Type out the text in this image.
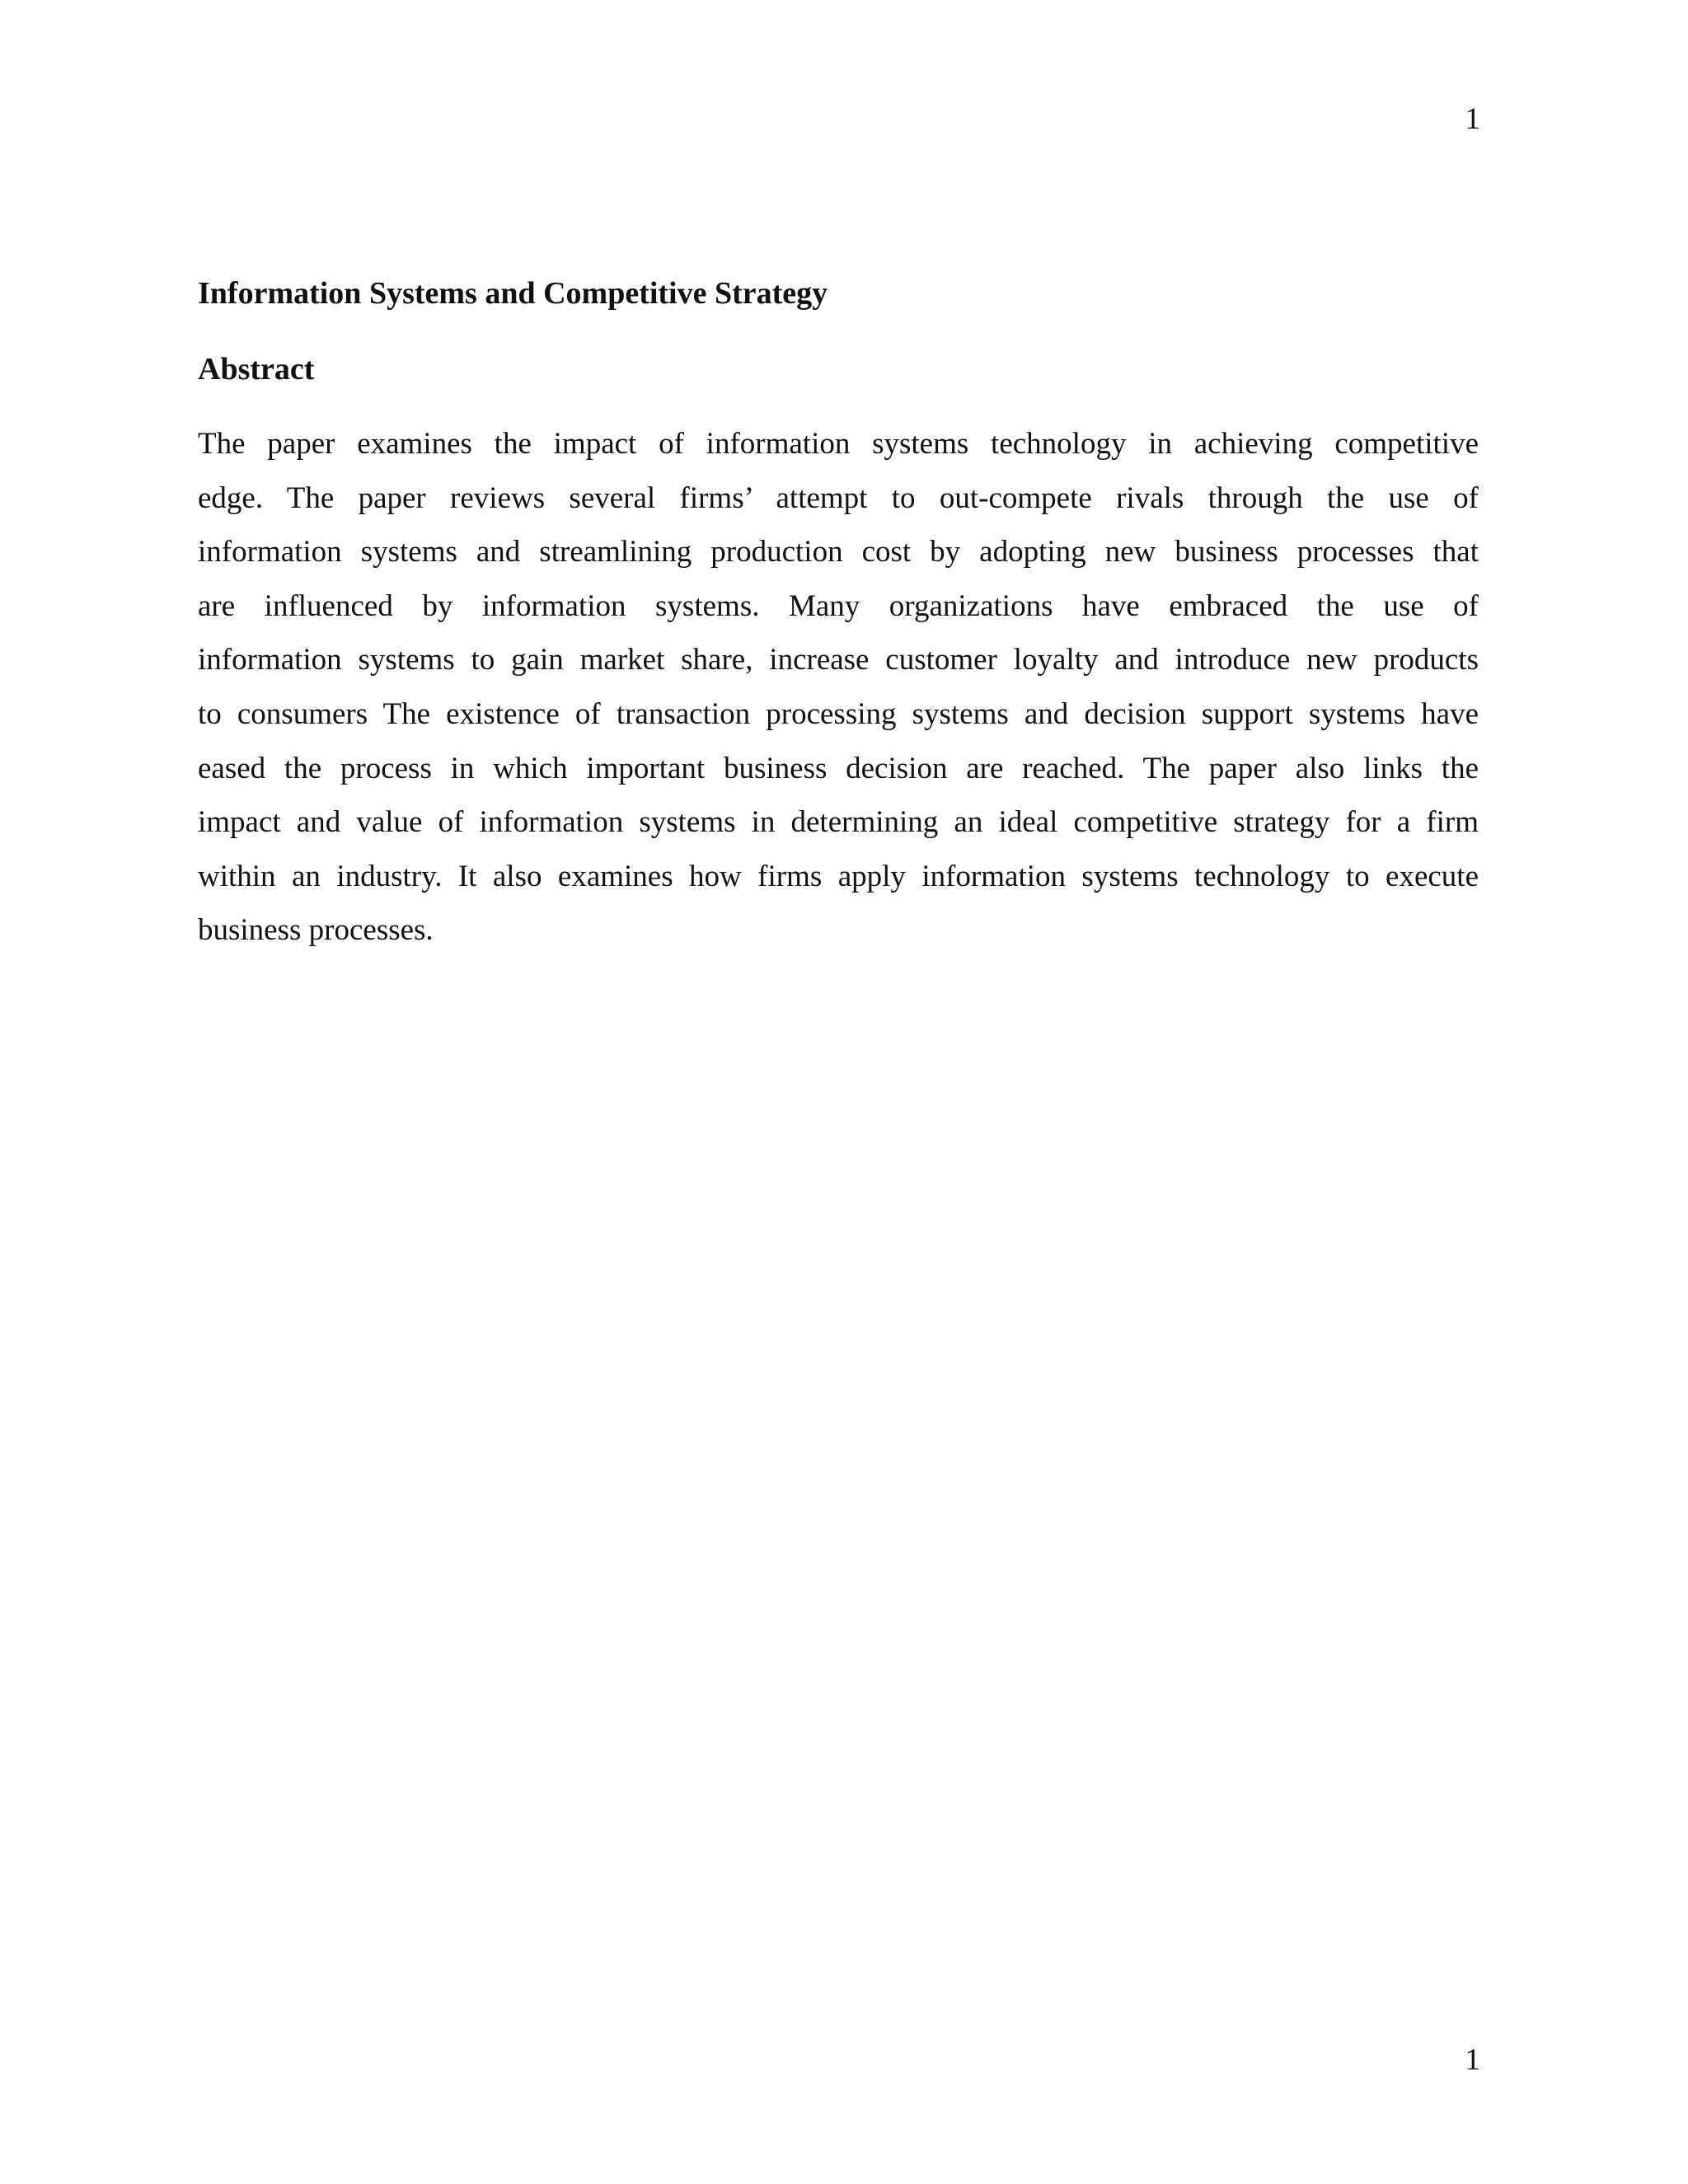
1
Information Systems and Competitive Strategy
Abstract

The paper examines the impact of information systems technology in achieving competitive
edge. The paper reviews several firms’ attempt to out-compete rivals through the use of
information systems and streamlining production cost by adopting new business processes that
are influenced by information systems. Many organizations have embraced the use of
information systems to gain market share, increase customer loyalty and introduce new products
to consumers The existence of transaction processing systems and decision support systems have
eased the process in which important business decision are reached. The paper also links the
impact and value of information systems in determining an ideal competitive strategy for a firm
within an industry. It also examines how firms apply information systems technology to execute
business processes.

1
